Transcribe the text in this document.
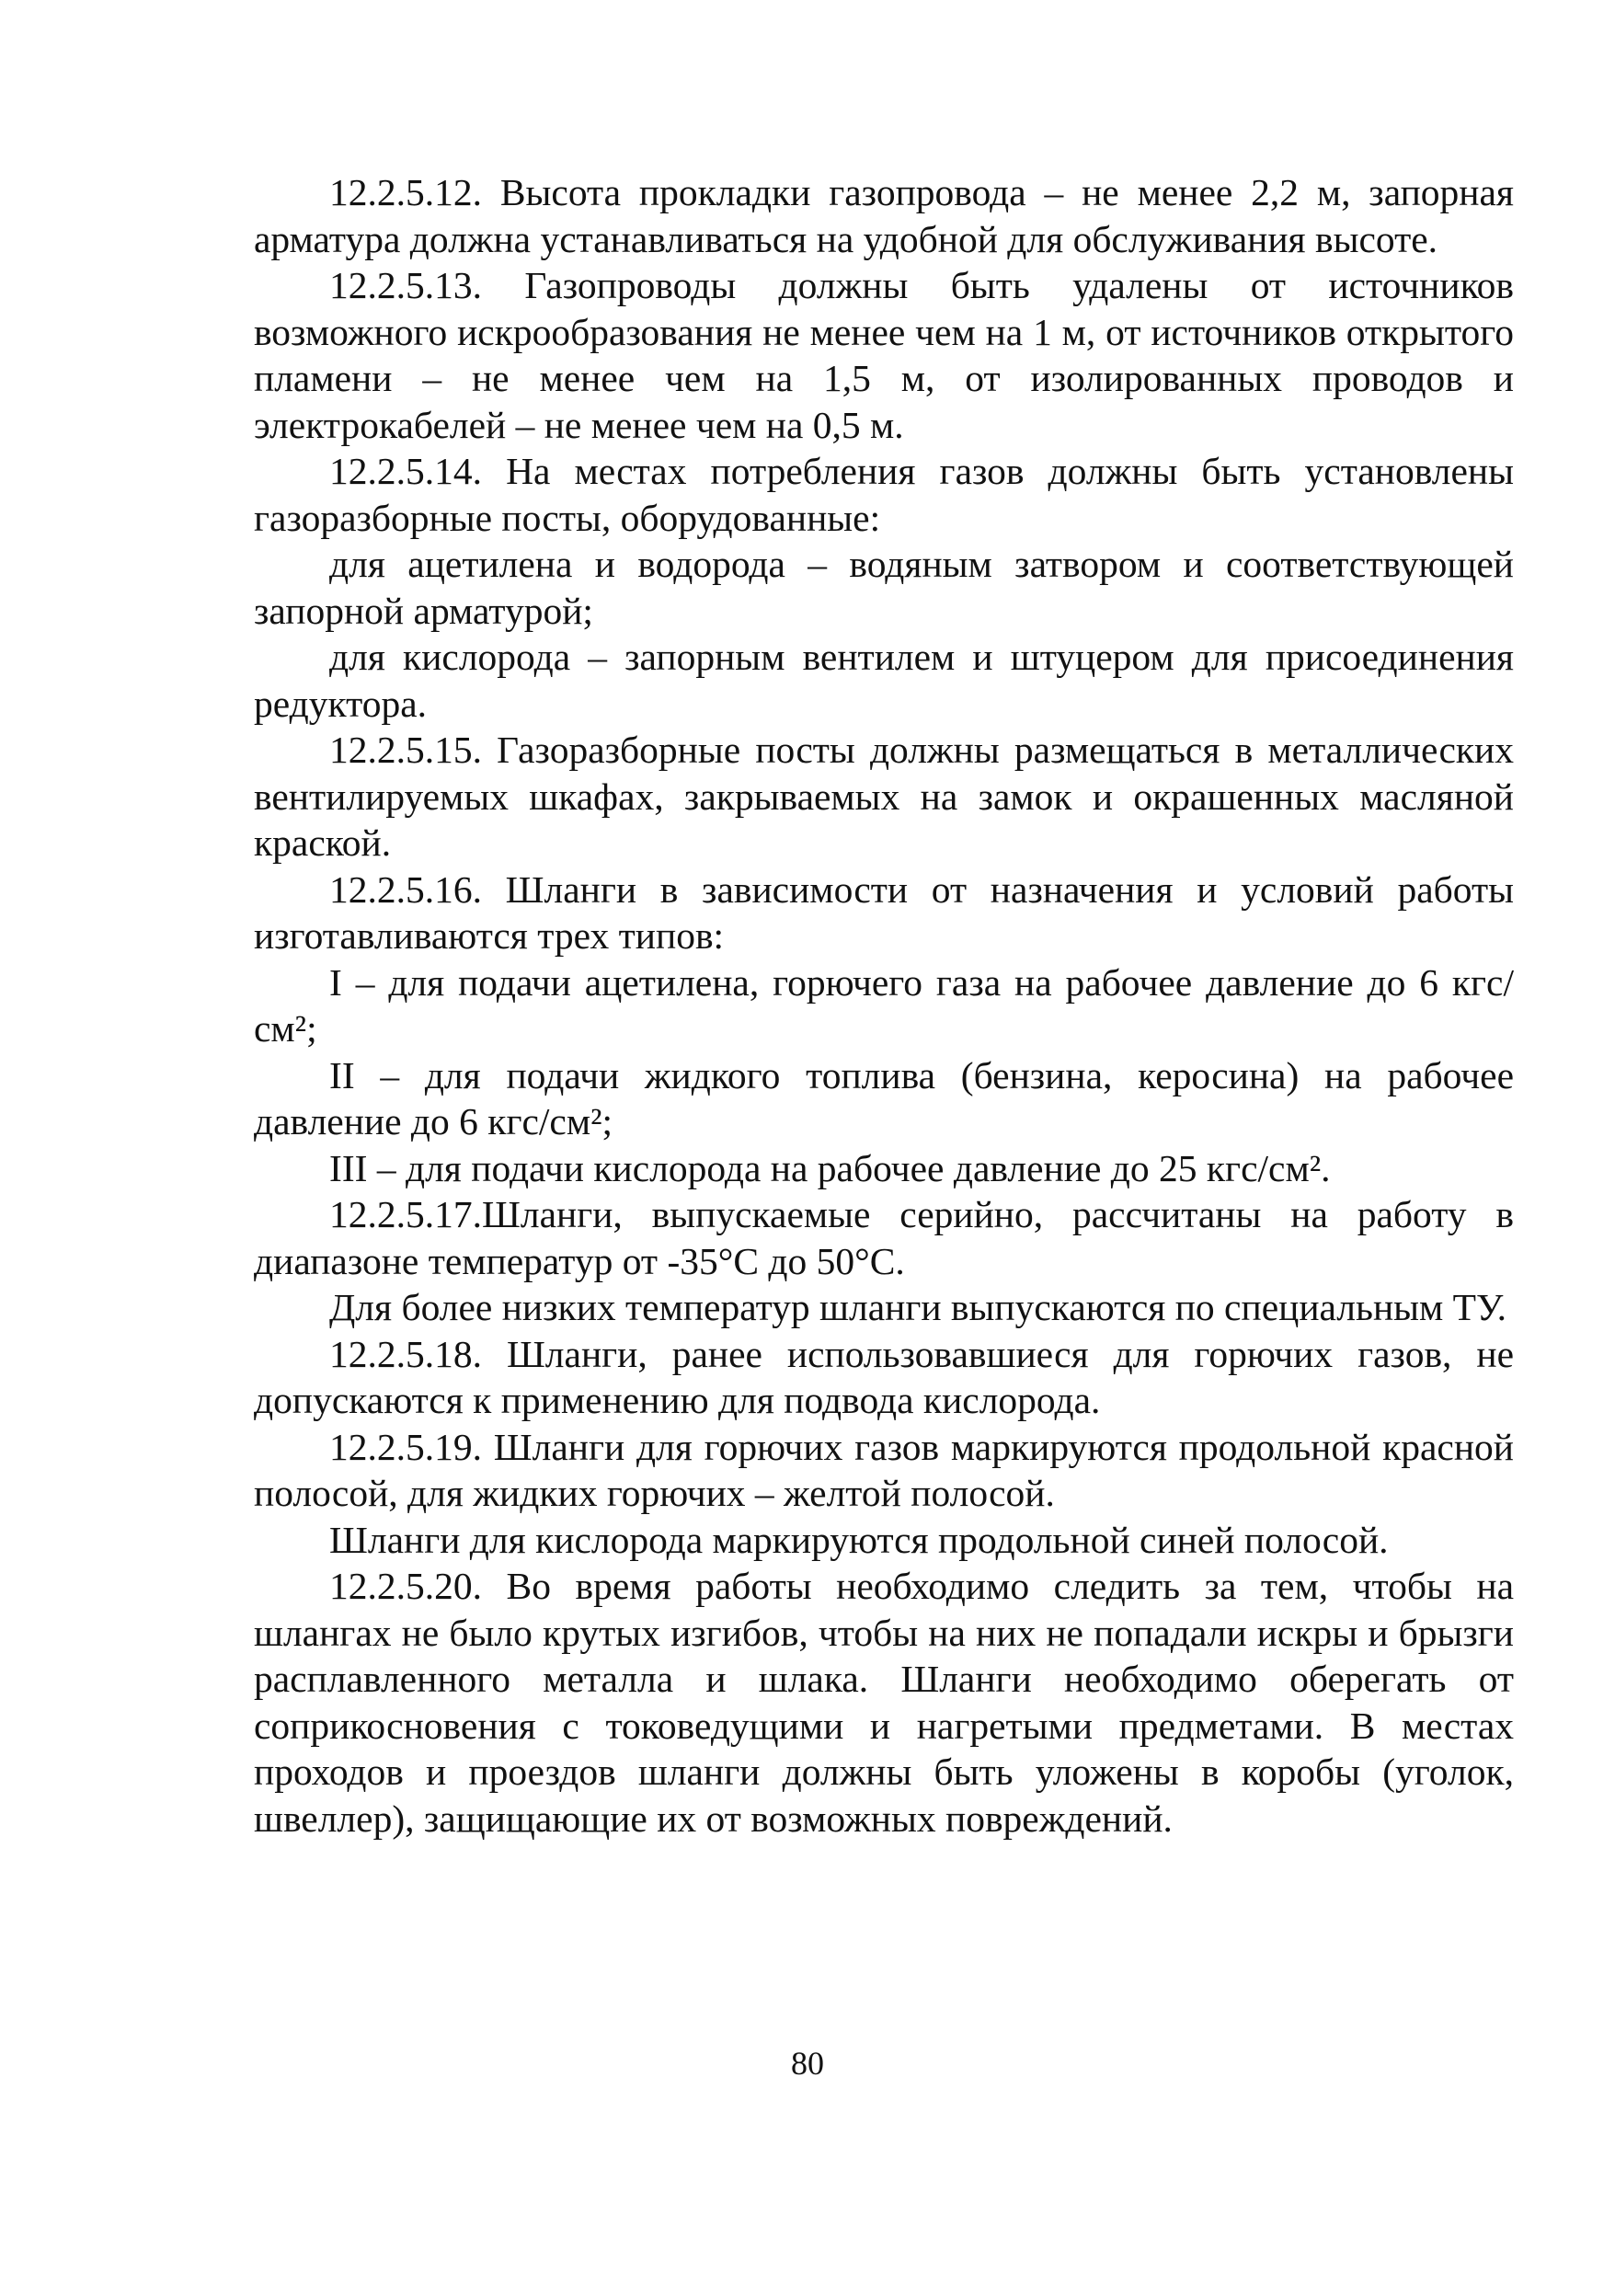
12.2.5.12. Высота прокладки газопровода – не менее 2,2 м, запорная арматура должна устанавливаться на удобной для обслуживания высоте.

12.2.5.13. Газопроводы должны быть удалены от источников возможного искрообразования не менее чем на 1 м, от источников открытого пламени – не менее чем на 1,5 м, от изолированных проводов и электрокабелей – не менее чем на 0,5 м.

12.2.5.14. На местах потребления газов должны быть установлены газоразборные посты, оборудованные:

для ацетилена и водорода – водяным затвором и соответствующей запорной арматурой;

для кислорода – запорным вентилем и штуцером для присоединения редуктора.

12.2.5.15. Газоразборные посты должны размещаться в металлических вентилируемых шкафах, закрываемых на замок и окрашенных масляной краской.

12.2.5.16. Шланги в зависимости от назначения и условий работы изготавливаются трех типов:

I – для подачи ацетилена, горючего газа на рабочее давление до 6 кгс/см²;

II – для подачи жидкого топлива (бензина, керосина) на рабочее давление до 6 кгс/см²;

III – для подачи кислорода на рабочее давление до 25 кгс/см².

12.2.5.17.Шланги, выпускаемые серийно, рассчитаны на работу в диапазоне температур от -35°С до 50°С.

Для более низких температур шланги выпускаются по специальным ТУ.

12.2.5.18. Шланги, ранее использовавшиеся для горючих газов, не допускаются к применению для подвода кислорода.

12.2.5.19. Шланги для горючих газов маркируются продольной красной полосой, для жидких горючих – желтой полосой.

Шланги для кислорода маркируются продольной синей полосой.

12.2.5.20. Во время работы необходимо следить за тем, чтобы на шлангах не было крутых изгибов, чтобы на них не попадали искры и брызги расплавленного металла и шлака. Шланги необходимо оберегать от соприкосновения с токоведущими и нагретыми предметами. В местах проходов и проездов шланги должны быть уложены в коробы (уголок, швеллер), защищающие их от возможных повреждений.

80
